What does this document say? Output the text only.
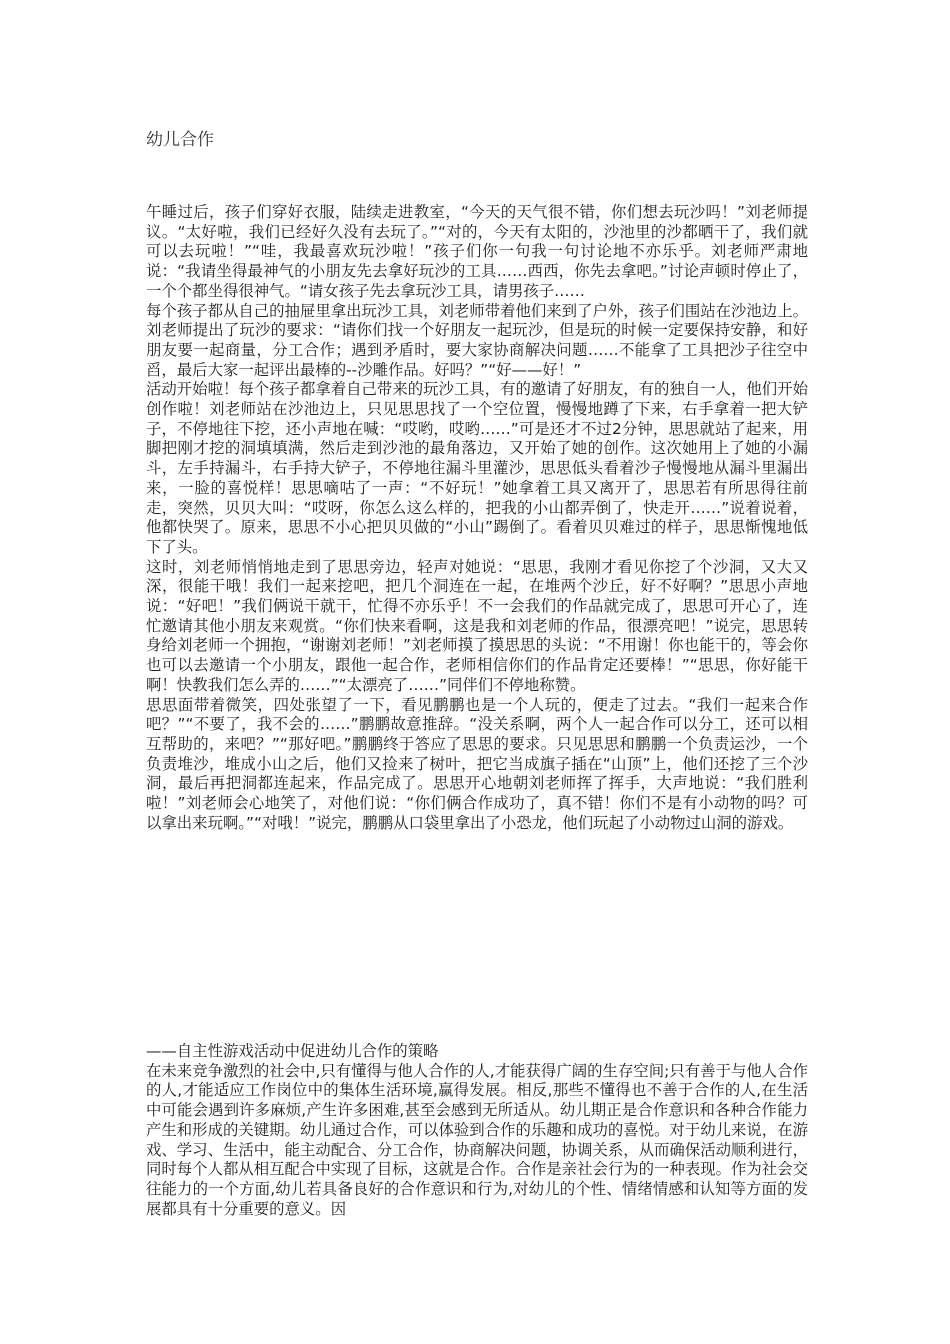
幼儿合作

午睡过后，孩子们穿好衣服，陆续走进教室，“今天的天气很不错，你们想去玩沙吗！”刘老师提议。“太好啦，我们已经好久没有去玩了。”“对的，今天有太阳的，沙池里的沙都晒干了，我们就可以去玩啦！”“哇，我最喜欢玩沙啦！”孩子们你一句我一句讨论地不亦乐乎。刘老师严肃地说：“我请坐得最神气的小朋友先去拿好玩沙的工具……西西，你先去拿吧。”讨论声顿时停止了，一个个都坐得很神气。“请女孩子先去拿玩沙工具，请男孩子……

每个孩子都从自己的抽屉里拿出玩沙工具，刘老师带着他们来到了户外，孩子们围站在沙池边上。刘老师提出了玩沙的要求：“请你们找一个好朋友一起玩沙，但是玩的时候一定要保持安静，和好朋友要一起商量，分工合作；遇到矛盾时，要大家协商解决问题……不能拿了工具把沙子往空中舀，最后大家一起评出最棒的--沙雕作品。好吗？”“好——好！”

活动开始啦！每个孩子都拿着自己带来的玩沙工具，有的邀请了好朋友，有的独自一人，他们开始创作啦！刘老师站在沙池边上，只见思思找了一个空位置，慢慢地蹲了下来，右手拿着一把大铲子，不停地往下挖，还小声地在喊：“哎哟，哎哟……”可是还才不过2分钟，思思就站了起来，用脚把刚才挖的洞填填满，然后走到沙池的最角落边，又开始了她的创作。这次她用上了她的小漏斗，左手持漏斗，右手持大铲子，不停地往漏斗里灌沙，思思低头看着沙子慢慢地从漏斗里漏出来，一脸的喜悦样！思思嘀咕了一声：“不好玩！”她拿着工具又离开了，思思若有所思得往前走，突然，贝贝大叫：“哎呀，你怎么这么样的，把我的小山都弄倒了，快走开……”说着说着，他都快哭了。原来，思思不小心把贝贝做的“小山”踢倒了。看着贝贝难过的样子，思思惭愧地低下了头。

这时，刘老师悄悄地走到了思思旁边，轻声对她说：“思思，我刚才看见你挖了个沙洞，又大又深，很能干哦！我们一起来挖吧，把几个洞连在一起，在堆两个沙丘，好不好啊？”思思小声地说：“好吧！”我们俩说干就干，忙得不亦乐乎！不一会我们的作品就完成了，思思可开心了，连忙邀请其他小朋友来观赏。“你们快来看啊，这是我和刘老师的作品，很漂亮吧！”说完，思思转身给刘老师一个拥抱，“谢谢刘老师！”刘老师摸了摸思思的头说：“不用谢！你也能干的，等会你也可以去邀请一个小朋友，跟他一起合作，老师相信你们的作品肯定还要棒！”“思思，你好能干啊！快教我们怎么弄的……”“太漂亮了……”同伴们不停地称赞。

思思面带着微笑，四处张望了一下，看见鹏鹏也是一个人玩的，便走了过去。“我们一起来合作吧？”“不要了，我不会的……”鹏鹏故意推辞。“没关系啊，两个人一起合作可以分工，还可以相互帮助的，来吧？”“那好吧。”鹏鹏终于答应了思思的要求。只见思思和鹏鹏一个负责运沙，一个负责堆沙，堆成小山之后，他们又捡来了树叶，把它当成旗子插在“山顶”上，他们还挖了三个沙洞，最后再把洞都连起来，作品完成了。思思开心地朝刘老师挥了挥手，大声地说：“我们胜利啦！”刘老师会心地笑了，对他们说：“你们俩合作成功了，真不错！你们不是有小动物的吗？可以拿出来玩啊。”“对哦！”说完，鹏鹏从口袋里拿出了小恐龙，他们玩起了小动物过山洞的游戏。

——自主性游戏活动中促进幼儿合作的策略

在未来竞争激烈的社会中,只有懂得与他人合作的人,才能获得广阔的生存空间;只有善于与他人合作的人,才能适应工作岗位中的集体生活环境,赢得发展。相反,那些不懂得也不善于合作的人,在生活中可能会遇到许多麻烦,产生许多困难,甚至会感到无所适从。幼儿期正是合作意识和各种合作能力产生和形成的关键期。幼儿通过合作，可以体验到合作的乐趣和成功的喜悦。对于幼儿来说，在游戏、学习、生活中，能主动配合、分工合作，协商解决问题，协调关系，从而确保活动顺利进行，同时每个人都从相互配合中实现了目标，这就是合作。合作是亲社会行为的一种表现。作为社会交往能力的一个方面,幼儿若具备良好的合作意识和行为,对幼儿的个性、情绪情感和认知等方面的发展都具有十分重要的意义。因
